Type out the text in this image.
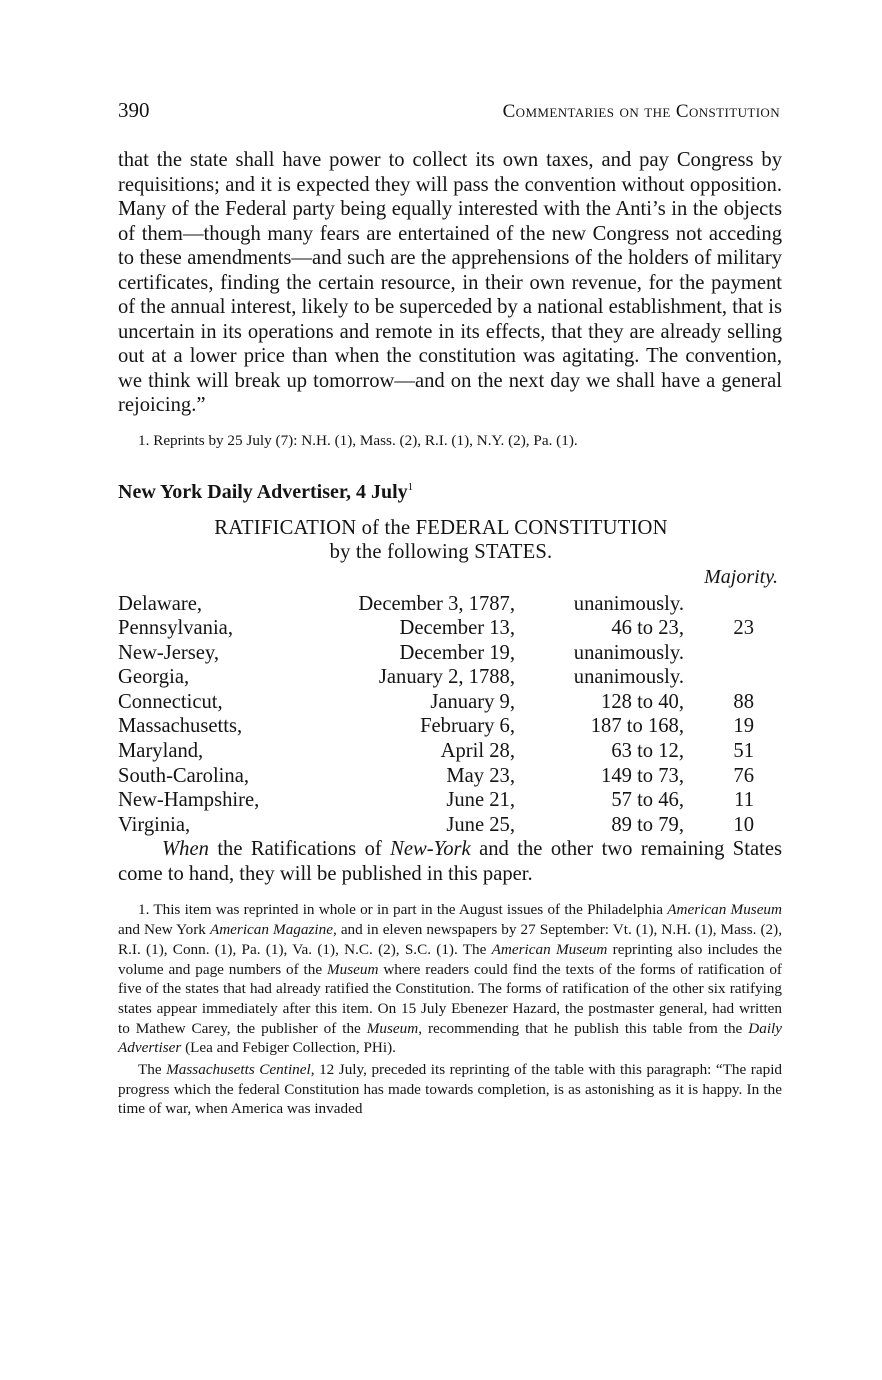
390	Commentaries on the Constitution

that the state shall have power to collect its own taxes, and pay Congress by requisitions; and it is expected they will pass the convention without opposition. Many of the Federal party being equally interested with the Anti’s in the objects of them—though many fears are entertained of the new Congress not acceding to these amendments—and such are the apprehensions of the holders of military certificates, finding the certain resource, in their own revenue, for the payment of the annual interest, likely to be superceded by a national establishment, that is uncertain in its operations and remote in its effects, that they are already selling out at a lower price than when the constitution was agitating. The convention, we think will break up tomorrow—and on the next day we shall have a general rejoicing.”

1. Reprints by 25 July (7): N.H. (1), Mass. (2), R.I. (1), N.Y. (2), Pa. (1).
New York Daily Advertiser, 4 July$^1$
RATIFICATION of the FEDERAL CONSTITUTION
by the following STATES.
Majority.
Delaware,	December 3, 1787,	unanimously.	
Pennsylvania,	December 13,	46 to 23,	23
New-Jersey,	December 19,	unanimously.	
Georgia,	January 2, 1788,	unanimously.	
Connecticut,	January 9,	128 to 40,	88
Massachusetts,	February 6,	187 to 168,	19
Maryland,	April 28,	63 to 12,	51
South-Carolina,	May 23,	149 to 73,	76
New-Hampshire,	June 21,	57 to 46,	11
Virginia,	June 25,	89 to 79,	10

When the Ratifications of New-York and the other two remaining States come to hand, they will be published in this paper.

1. This item was reprinted in whole or in part in the August issues of the Philadelphia American Museum and New York American Magazine, and in eleven newspapers by 27 September: Vt. (1), N.H. (1), Mass. (2), R.I. (1), Conn. (1), Pa. (1), Va. (1), N.C. (2), S.C. (1). The American Museum reprinting also includes the volume and page numbers of the Museum where readers could find the texts of the forms of ratification of five of the states that had already ratified the Constitution. The forms of ratification of the other six ratifying states appear immediately after this item. On 15 July Ebenezer Hazard, the postmaster general, had written to Mathew Carey, the publisher of the Museum, recommending that he publish this table from the Daily Advertiser (Lea and Febiger Collection, PHi).

The Massachusetts Centinel, 12 July, preceded its reprinting of the table with this paragraph: “The rapid progress which the federal Constitution has made towards completion, is as astonishing as it is happy. In the time of war, when America was invaded
